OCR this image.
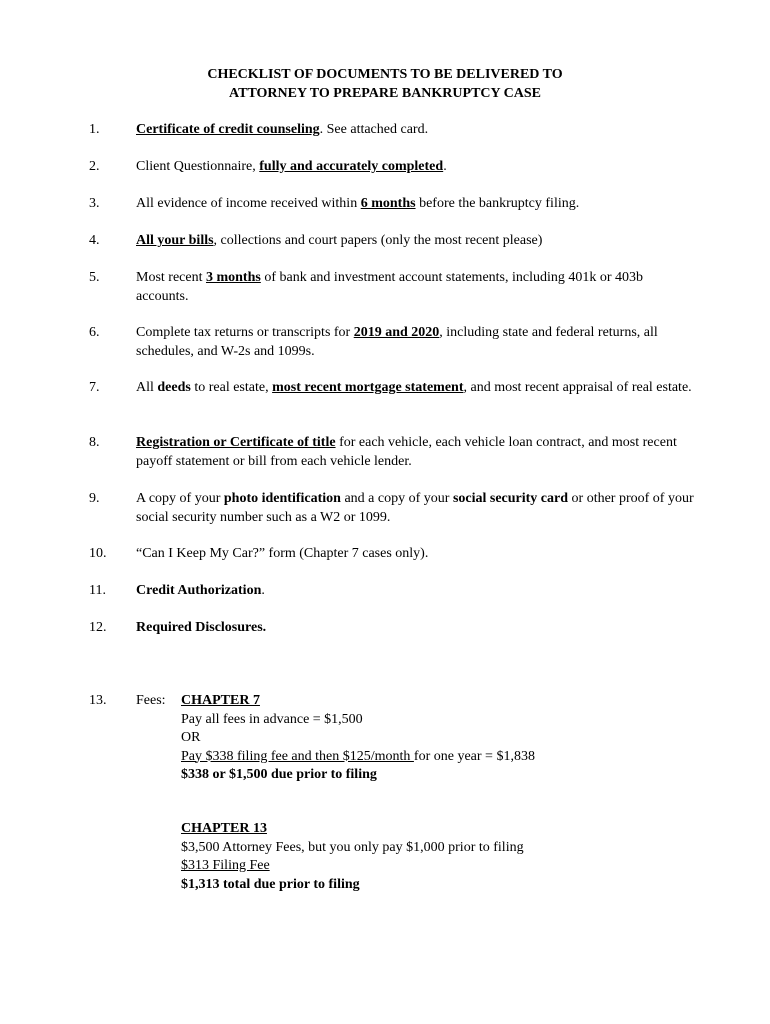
CHECKLIST OF DOCUMENTS TO BE DELIVERED TO
ATTORNEY TO PREPARE BANKRUPTCY CASE
1.	Certificate of credit counseling. See attached card.
2.	Client Questionnaire, fully and accurately completed.
3.	All evidence of income received within 6 months before the bankruptcy filing.
4.	All your bills, collections and court papers (only the most recent please)
5.	Most recent 3 months of bank and investment account statements, including 401k or 403b accounts.
6.	Complete tax returns or transcripts for 2019 and 2020, including state and federal returns, all schedules, and W-2s and 1099s.
7.	All deeds to real estate, most recent mortgage statement, and most recent appraisal of real estate.
8.	Registration or Certificate of title for each vehicle, each vehicle loan contract, and most recent payoff statement or bill from each vehicle lender.
9.	A copy of your photo identification and a copy of your social security card or other proof of your social security number such as a W2 or 1099.
10. “Can I Keep My Car?” form (Chapter 7 cases only).
11. Credit Authorization.
12. Required Disclosures.
13. Fees: CHAPTER 7
Pay all fees in advance = $1,500
OR
Pay $338 filing fee and then $125/month for one year = $1,838
$338 or $1,500 due prior to filing
CHAPTER 13
$3,500 Attorney Fees, but you only pay $1,000 prior to filing
$313 Filing Fee
$1,313 total due prior to filing
